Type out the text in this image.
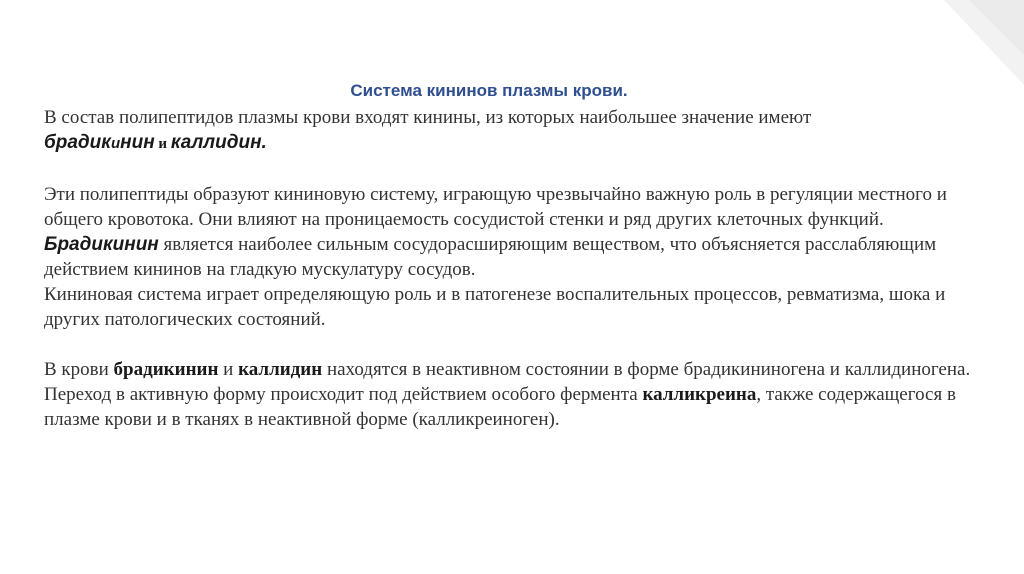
Система кининов плазмы крови.

В состав полипептидов плазмы крови входят кинины, из которых наибольшее значение имеют
брадикинин и каллидин.

Эти полипептиды образуют кининовую систему, играющую чрезвычайно важную роль в регуляции местного и общего кровотока. Они влияют на проницаемость сосудистой стенки и ряд других клеточных функций.

Брадикинин является наиболее сильным сосудорасширяющим веществом, что объясняется расслабляющим действием кининов на гладкую мускулатуру сосудов.

Кининовая система играет определяющую роль и в патогенезе воспалительных процессов, ревматизма, шока и других патологических состояний.

В крови брадикинин и каллидин находятся в неактивном состоянии в форме брадикининогена и каллидиногена. Переход в активную форму происходит под действием особого фермента калликреина, также содержащегося в плазме крови и в тканях в неактивной форме (калликреиноген).
